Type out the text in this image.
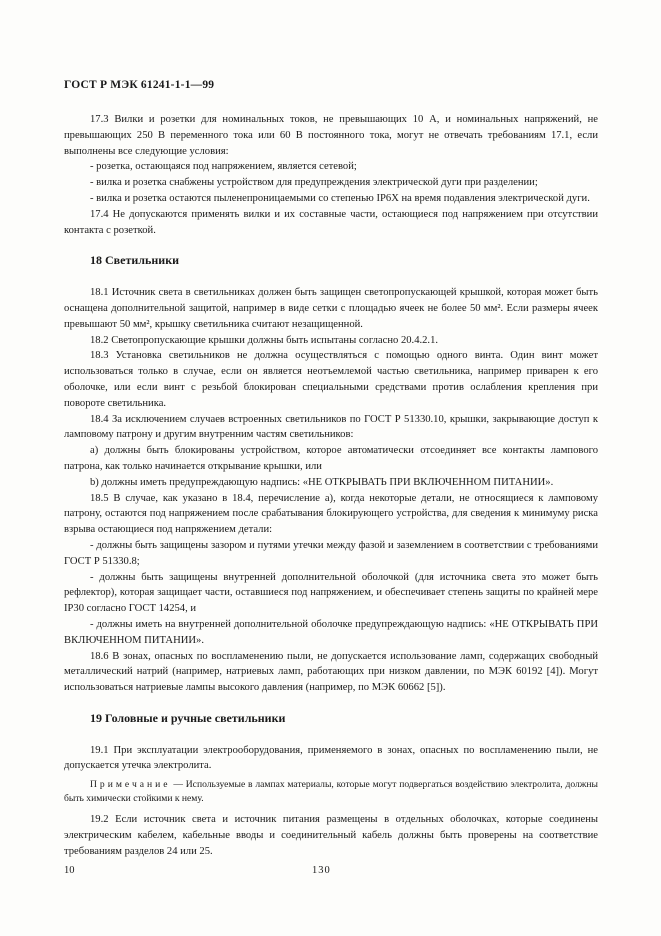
ГОСТ Р МЭК 61241-1-1—99

17.3 Вилки и розетки для номинальных токов, не превышающих 10 А, и номинальных напряжений, не превышающих 250 В переменного тока или 60 В постоянного тока, могут не отвечать требованиям 17.1, если выполнены все следующие условия:

- розетка, остающаяся под напряжением, является сетевой;

- вилка и розетка снабжены устройством для предупреждения электрической дуги при разделении;

- вилка и розетка остаются пыленепроницаемыми со степенью IP6X на время подавления электрической дуги.

17.4 Не допускаются применять вилки и их составные части, остающиеся под напряжением при отсутствии контакта с розеткой.

18 Светильники

18.1 Источник света в светильниках должен быть защищен светопропускающей крышкой, которая может быть оснащена дополнительной защитой, например в виде сетки с площадью ячеек не более 50 мм². Если размеры ячеек превышают 50 мм², крышку светильника считают незащищенной.

18.2 Светопропускающие крышки должны быть испытаны согласно 20.4.2.1.

18.3 Установка светильников не должна осуществляться с помощью одного винта. Один винт может использоваться только в случае, если он является неотъемлемой частью светильника, например приварен к его оболочке, или если винт с резьбой блокирован специальными средствами против ослабления крепления при повороте светильника.

18.4 За исключением случаев встроенных светильников по ГОСТ Р 51330.10, крышки, закрывающие доступ к ламповому патрону и другим внутренним частям светильников:

а) должны быть блокированы устройством, которое автоматически отсоединяет все контакты лампового патрона, как только начинается открывание крышки, или

b) должны иметь предупреждающую надпись: «НЕ ОТКРЫВАТЬ ПРИ ВКЛЮЧЕННОМ ПИТАНИИ».

18.5 В случае, как указано в 18.4, перечисление а), когда некоторые детали, не относящиеся к ламповому патрону, остаются под напряжением после срабатывания блокирующего устройства, для сведения к минимуму риска взрыва остающиеся под напряжением детали:

- должны быть защищены зазором и путями утечки между фазой и заземлением в соответствии с требованиями ГОСТ Р 51330.8;

- должны быть защищены внутренней дополнительной оболочкой (для источника света это может быть рефлектор), которая защищает части, оставшиеся под напряжением, и обеспечивает степень защиты по крайней мере IP30 согласно ГОСТ 14254, и

- должны иметь на внутренней дополнительной оболочке предупреждающую надпись: «НЕ ОТКРЫВАТЬ ПРИ ВКЛЮЧЕННОМ ПИТАНИИ».

18.6 В зонах, опасных по воспламенению пыли, не допускается использование ламп, содержащих свободный металлический натрий (например, натриевых ламп, работающих при низком давлении, по МЭК 60192 [4]). Могут использоваться натриевые лампы высокого давления (например, по МЭК 60662 [5]).

19 Головные и ручные светильники

19.1 При эксплуатации электрооборудования, применяемого в зонах, опасных по воспламенению пыли, не допускается утечка электролита.

Примечание — Используемые в лампах материалы, которые могут подвергаться воздействию электролита, должны быть химически стойкими к нему.

19.2 Если источник света и источник питания размещены в отдельных оболочках, которые соединены электрическим кабелем, кабельные вводы и соединительный кабель должны быть проверены на соответствие требованиям разделов 24 или 25.

10	130
